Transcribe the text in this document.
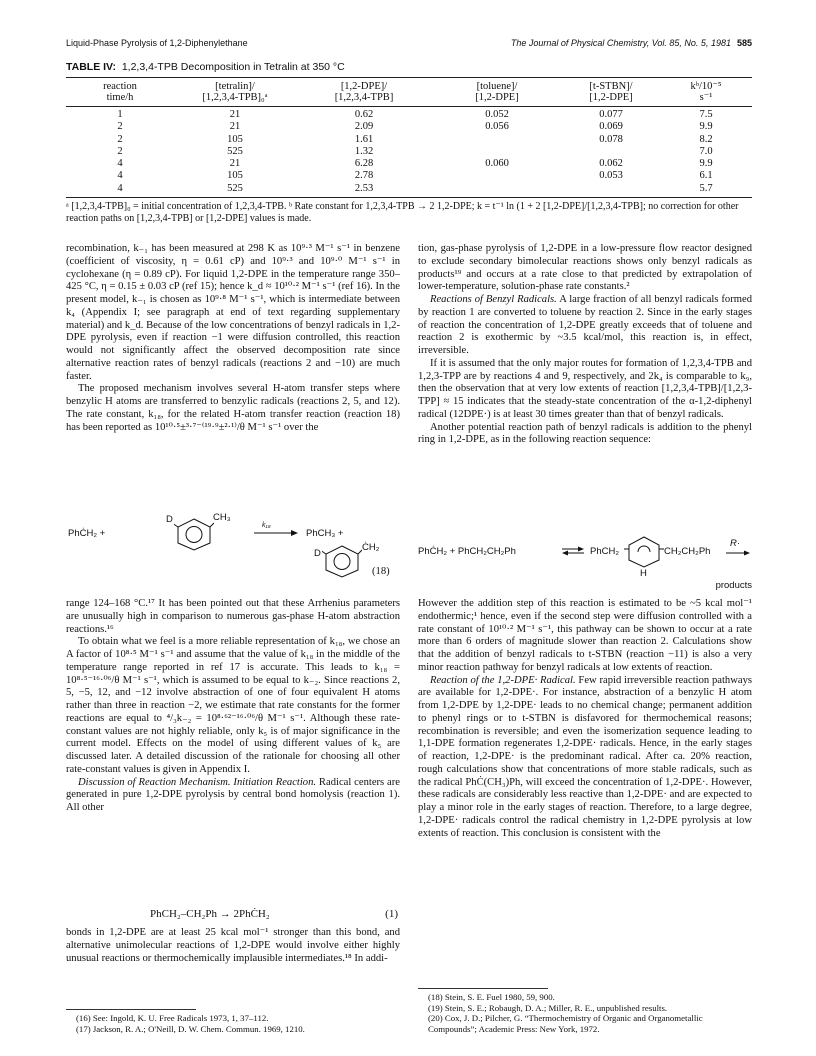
Liquid-Phase Pyrolysis of 1,2-Diphenylethane	The Journal of Physical Chemistry, Vol. 85, No. 5, 1981 585
TABLE IV: 1,2,3,4-TPB Decomposition in Tetralin at 350 °C
reaction	[tetralin]/	[1,2-DPE]/	[toluene]/	[t-STBN]/	kᵇ/10⁻⁵
time/h	[1,2,3,4-TPB]₀ᵃ	[1,2,3,4-TPB]	[1,2-DPE]	[1,2-DPE]	s⁻¹
1	21	0.62	0.052	0.077	7.5
2	21	2.09	0.056	0.069	9.9
2	105	1.61		0.078	8.2
2	525	1.32			7.0
4	21	6.28	0.060	0.062	9.9
4	105	2.78		0.053	6.1
4	525	2.53			5.7
ᵃ [1,2,3,4-TPB]₀ = initial concentration of 1,2,3,4-TPB. ᵇ Rate constant for 1,2,3,4-TPB → 2 1,2-DPE; k = t⁻¹ ln (1 + 2 [1,2-DPE]/[1,2,3,4-TPB]; no correction for other reaction paths on [1,2,3,4-TPB] or [1,2-DPE] values is made.

recombination, k₋₁ has been measured at 298 K as 10⁹·³ M⁻¹ s⁻¹ in benzene (coefficient of viscosity, η = 0.61 cP) and 10⁹·³ and 10⁹·⁰ M⁻¹ s⁻¹ in cyclohexane (η = 0.89 cP). For liquid 1,2-DPE in the temperature range 350–425 °C, η = 0.15 ± 0.03 cP (ref 15); hence k_d ≈ 10¹⁰·² M⁻¹ s⁻¹ (ref 16). In the present model, k₋₁ is chosen as 10⁹·⁸ M⁻¹ s⁻¹, which is intermediate between k₄ (Appendix I; see paragraph at end of text regarding supplementary material) and k_d. Because of the low concentrations of benzyl radicals in 1,2-DPE pyrolysis, even if reaction −1 were diffusion controlled, this reaction would not significantly affect the observed decomposition rate since alternative reaction rates of benzyl radicals (reactions 2 and −10) are much faster.

The proposed mechanism involves several H-atom transfer steps where benzylic H atoms are transferred to benzylic radicals (reactions 2, 5, and 12). The rate constant, k₁₈, for the related H-atom transfer reaction (reaction 18) has been reported as 10¹⁰·⁵±³·⁷⁻⁽¹⁹·⁹±²·¹⁾/θ M⁻¹ s⁻¹ over the

PhĊH₂ +
D	CH₃
k₁₈
PhCH₃ +
D
ĊH₂
(18)

range 124–168 °C.¹⁷ It has been pointed out that these Arrhenius parameters are unusually high in comparison to numerous gas-phase H-atom abstraction reactions.¹⁶

To obtain what we feel is a more reliable representation of k₁₈, we chose an A factor of 10⁸·⁵ M⁻¹ s⁻¹ and assume that the value of k₁₈ in the middle of the temperature range reported in ref 17 is accurate. This leads to k₁₈ = 10⁸·⁵⁻¹⁶·⁰⁶/θ M⁻¹ s⁻¹, which is assumed to be equal to k₋₂. Since reactions 2, 5, −5, 12, and −12 involve abstraction of one of four equivalent H atoms rather than three in reaction −2, we estimate that rate constants for the former reactions are equal to ⁴/₃k₋₂ = 10⁸·⁶²⁻¹⁶·⁰⁶/θ M⁻¹ s⁻¹. Although these rate-constant values are not highly reliable, only k₅ is of major significance in the current model. Effects on the model of using different values of k₅ are discussed later. A detailed discussion of the rationale for choosing all other rate-constant values is given in Appendix I.

Discussion of Reaction Mechanism. Initiation Reaction. Radical centers are generated in pure 1,2-DPE pyrolysis by central bond homolysis (reaction 1). All other

PhCH₂–CH₂Ph → 2PhĊH₂	(1)

bonds in 1,2-DPE are at least 25 kcal mol⁻¹ stronger than this bond, and alternative unimolecular reactions of 1,2-DPE would involve either highly unusual reactions or thermochemically implausible intermediates.¹⁸ In addi-

(16) See: Ingold, K. U. Free Radicals 1973, 1, 37–112.

(17) Jackson, R. A.; O'Neill, D. W. Chem. Commun. 1969, 1210.

tion, gas-phase pyrolysis of 1,2-DPE in a low-pressure flow reactor designed to exclude secondary bimolecular reactions shows only benzyl radicals as products¹⁹ and occurs at a rate close to that predicted by extrapolation of lower-temperature, solution-phase rate constants.²

Reactions of Benzyl Radicals. A large fraction of all benzyl radicals formed by reaction 1 are converted to toluene by reaction 2. Since in the early stages of reaction the concentration of 1,2-DPE greatly exceeds that of toluene and reaction 2 is exothermic by ~3.5 kcal/mol, this reaction is, in effect, irreversible.

If it is assumed that the only major routes for formation of 1,2,3,4-TPB and 1,2,3-TPP are by reactions 4 and 9, respectively, and 2k₄ is comparable to k₉, then the observation that at very low extents of reaction [1,2,3,4-TPB]/[1,2,3-TPP] ≈ 15 indicates that the steady-state concentration of the α-1,2-diphenyl radical (12DPE·) is at least 30 times greater than that of benzyl radicals.

Another potential reaction path of benzyl radicals is addition to the phenyl ring in 1,2-DPE, as in the following reaction sequence:

PhĊH₂ + PhCH₂CH₂Ph	⇌ PhCH₂
H
CH₂CH₂Ph
R·
products

However the addition step of this reaction is estimated to be ~5 kcal mol⁻¹ endothermic;¹ hence, even if the second step were diffusion controlled with a rate constant of 10¹⁰·² M⁻¹ s⁻¹, this pathway can be shown to occur at a rate more than 6 orders of magnitude slower than reaction 2. Calculations show that the addition of benzyl radicals to t-STBN (reaction −11) is also a very minor reaction pathway for benzyl radicals at low extents of reaction.

Reaction of the 1,2-DPE· Radical. Few rapid irreversible reaction pathways are available for 1,2-DPE·. For instance, abstraction of a benzylic H atom from 1,2-DPE by 1,2-DPE· leads to no chemical change; permanent addition to phenyl rings or to t-STBN is disfavored for thermochemical reasons; recombination is reversible; and even the isomerization sequence leading to 1,1-DPE formation regenerates 1,2-DPE· radicals. Hence, in the early stages of reaction, 1,2-DPE· is the predominant radical. After ca. 20% reaction, rough calculations show that concentrations of more stable radicals, such as the radical PhĊ(CH₃)Ph, will exceed the concentration of 1,2-DPE·. However, these radicals are considerably less reactive than 1,2-DPE· and are expected to play a minor role in the early stages of reaction. Therefore, to a large degree, 1,2-DPE· radicals control the radical chemistry in 1,2-DPE pyrolysis at low extents of reaction. This conclusion is consistent with the

(18) Stein, S. E. Fuel 1980, 59, 900.

(19) Stein, S. E.; Robaugh, D. A.; Miller, R. E., unpublished results.

(20) Cox, J. D.; Pilcher, G. “Thermochemistry of Organic and Organometallic Compounds”; Academic Press: New York, 1972.
